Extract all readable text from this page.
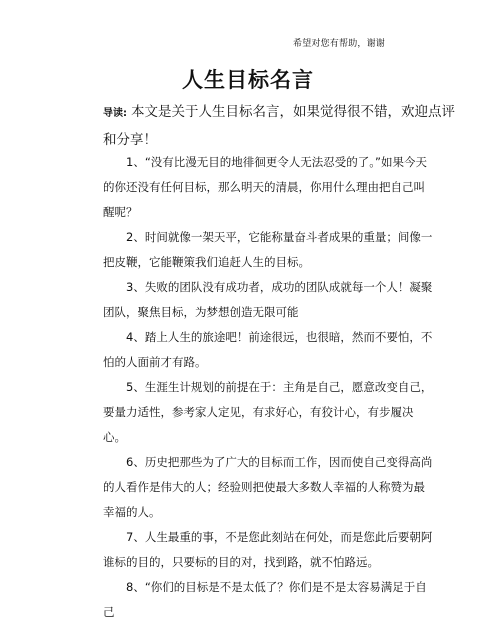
希望对您有帮助，谢谢
人生目标名言
导读: 本文是关于人生目标名言，如果觉得很不错，欢迎点评和分享！

1、“没有比漫无目的地徘徊更令人无法忍受的了。”如果今天的你还没有任何目标，那么明天的清晨，你用什么理由把自己叫醒呢？

2、时间就像一架天平，它能称量奋斗者成果的重量；间像一把皮鞭，它能鞭策我们追赶人生的目标。

3、失败的团队没有成功者，成功的团队成就每一个人！凝聚团队，聚焦目标，为梦想创造无限可能

4、踏上人生的旅途吧！前途很远，也很暗，然而不要怕，不怕的人面前才有路。

5、生涯生计规划的前提在于：主角是自己，愿意改变自己，要量力适性，参考家人定见，有求好心，有狡计心，有步履决心。

6、历史把那些为了广大的目标而工作，因而使自己变得高尚的人看作是伟大的人；经验则把使最大多数人幸福的人称赞为最幸福的人。

7、人生最重的事，不是您此刻站在何处，而是您此后要朝阿谁标的目的，只要标的目的对，找到路，就不怕路远。

8、“你们的目标是不是太低了？你们是不是太容易满足于自己
